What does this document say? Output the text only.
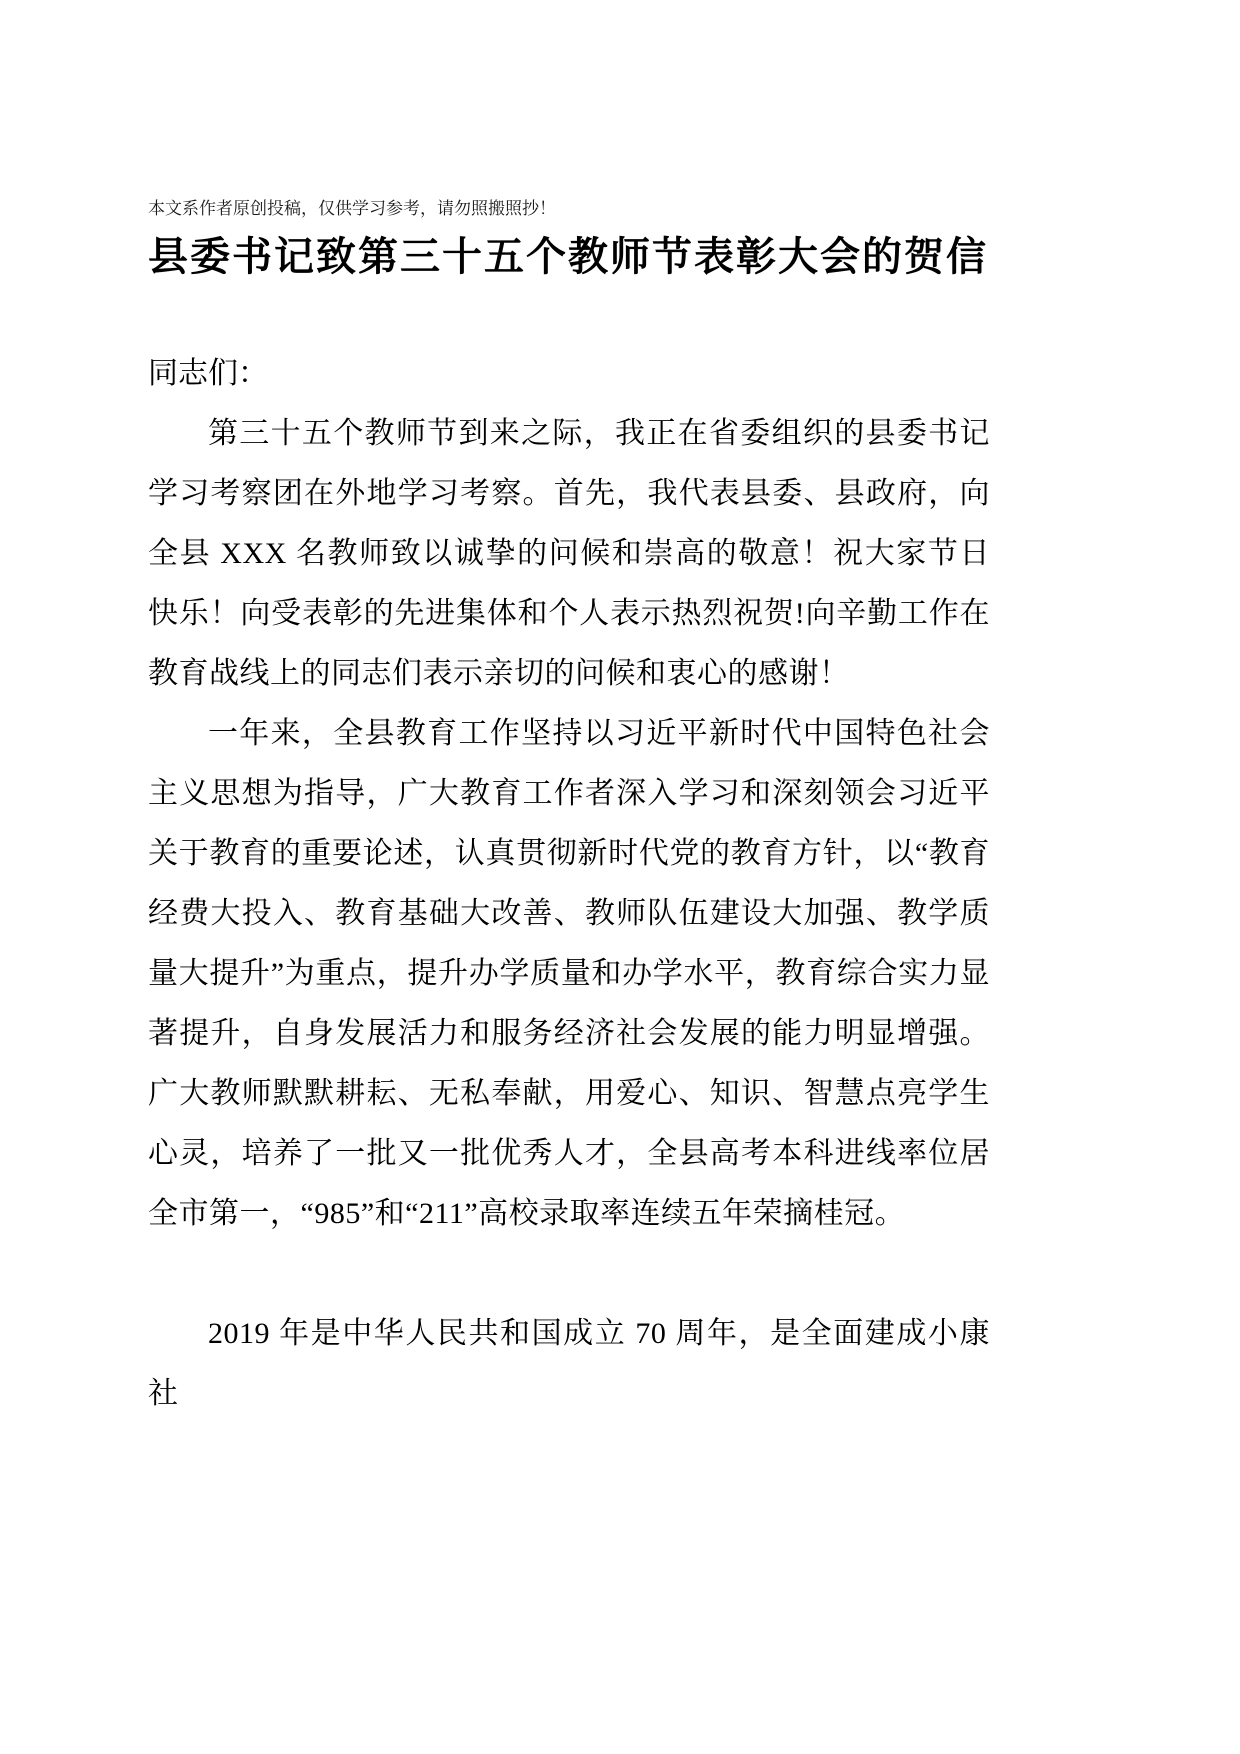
本文系作者原创投稿，仅供学习参考，请勿照搬照抄！

县委书记致第三十五个教师节表彰大会的贺信

同志们：

第三十五个教师节到来之际，我正在省委组织的县委书记学习考察团在外地学习考察。首先，我代表县委、县政府，向全县 XXX 名教师致以诚挚的问候和崇高的敬意！祝大家节日快乐！向受表彰的先进集体和个人表示热烈祝贺!向辛勤工作在教育战线上的同志们表示亲切的问候和衷心的感谢！

一年来，全县教育工作坚持以习近平新时代中国特色社会主义思想为指导，广大教育工作者深入学习和深刻领会习近平关于教育的重要论述，认真贯彻新时代党的教育方针，以“教育经费大投入、教育基础大改善、教师队伍建设大加强、教学质量大提升”为重点，提升办学质量和办学水平，教育综合实力显著提升，自身发展活力和服务经济社会发展的能力明显增强。广大教师默默耕耘、无私奉献，用爱心、知识、智慧点亮学生心灵，培养了一批又一批优秀人才，全县高考本科进线率位居全市第一，“985”和“211”高校录取率连续五年荣摘桂冠。

2019 年是中华人民共和国成立 70 周年，是全面建成小康社
